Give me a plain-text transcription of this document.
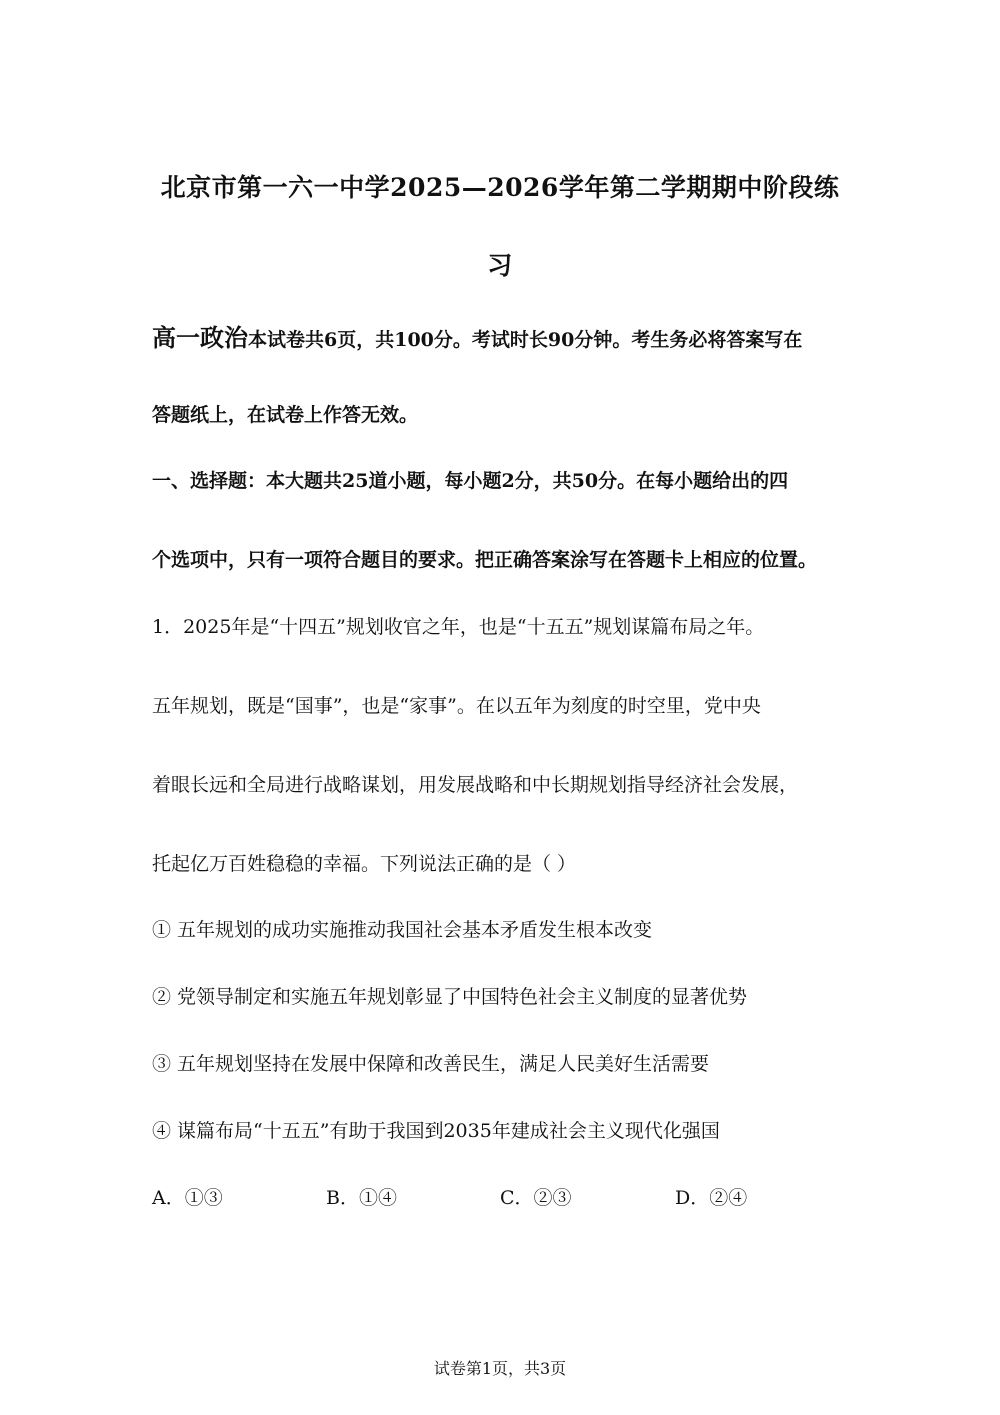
北京市第一六一中学2025—2026学年第二学期期中阶段练
习
高一政治本试卷共6页，共100分。考试时长90分钟。考生务必将答案写在
答题纸上，在试卷上作答无效。
一、选择题：本大题共25道小题，每小题2分，共50分。在每小题给出的四
个选项中，只有一项符合题目的要求。把正确答案涂写在答题卡上相应的位置。
1．2025年是“十四五”规划收官之年，也是“十五五”规划谋篇布局之年。
五年规划，既是“国事”，也是“家事”。在以五年为刻度的时空里，党中央
着眼长远和全局进行战略谋划，用发展战略和中长期规划指导经济社会发展，
托起亿万百姓稳稳的幸福。下列说法正确的是（ ）
① 五年规划的成功实施推动我国社会基本矛盾发生根本改变
② 党领导制定和实施五年规划彰显了中国特色社会主义制度的显著优势
③ 五年规划坚持在发展中保障和改善民生，满足人民美好生活需要
④ 谋篇布局“十五五”有助于我国到2035年建成社会主义现代化强国
A．①③	B．①④	C．②③	D．②④
试卷第1页，共3页
